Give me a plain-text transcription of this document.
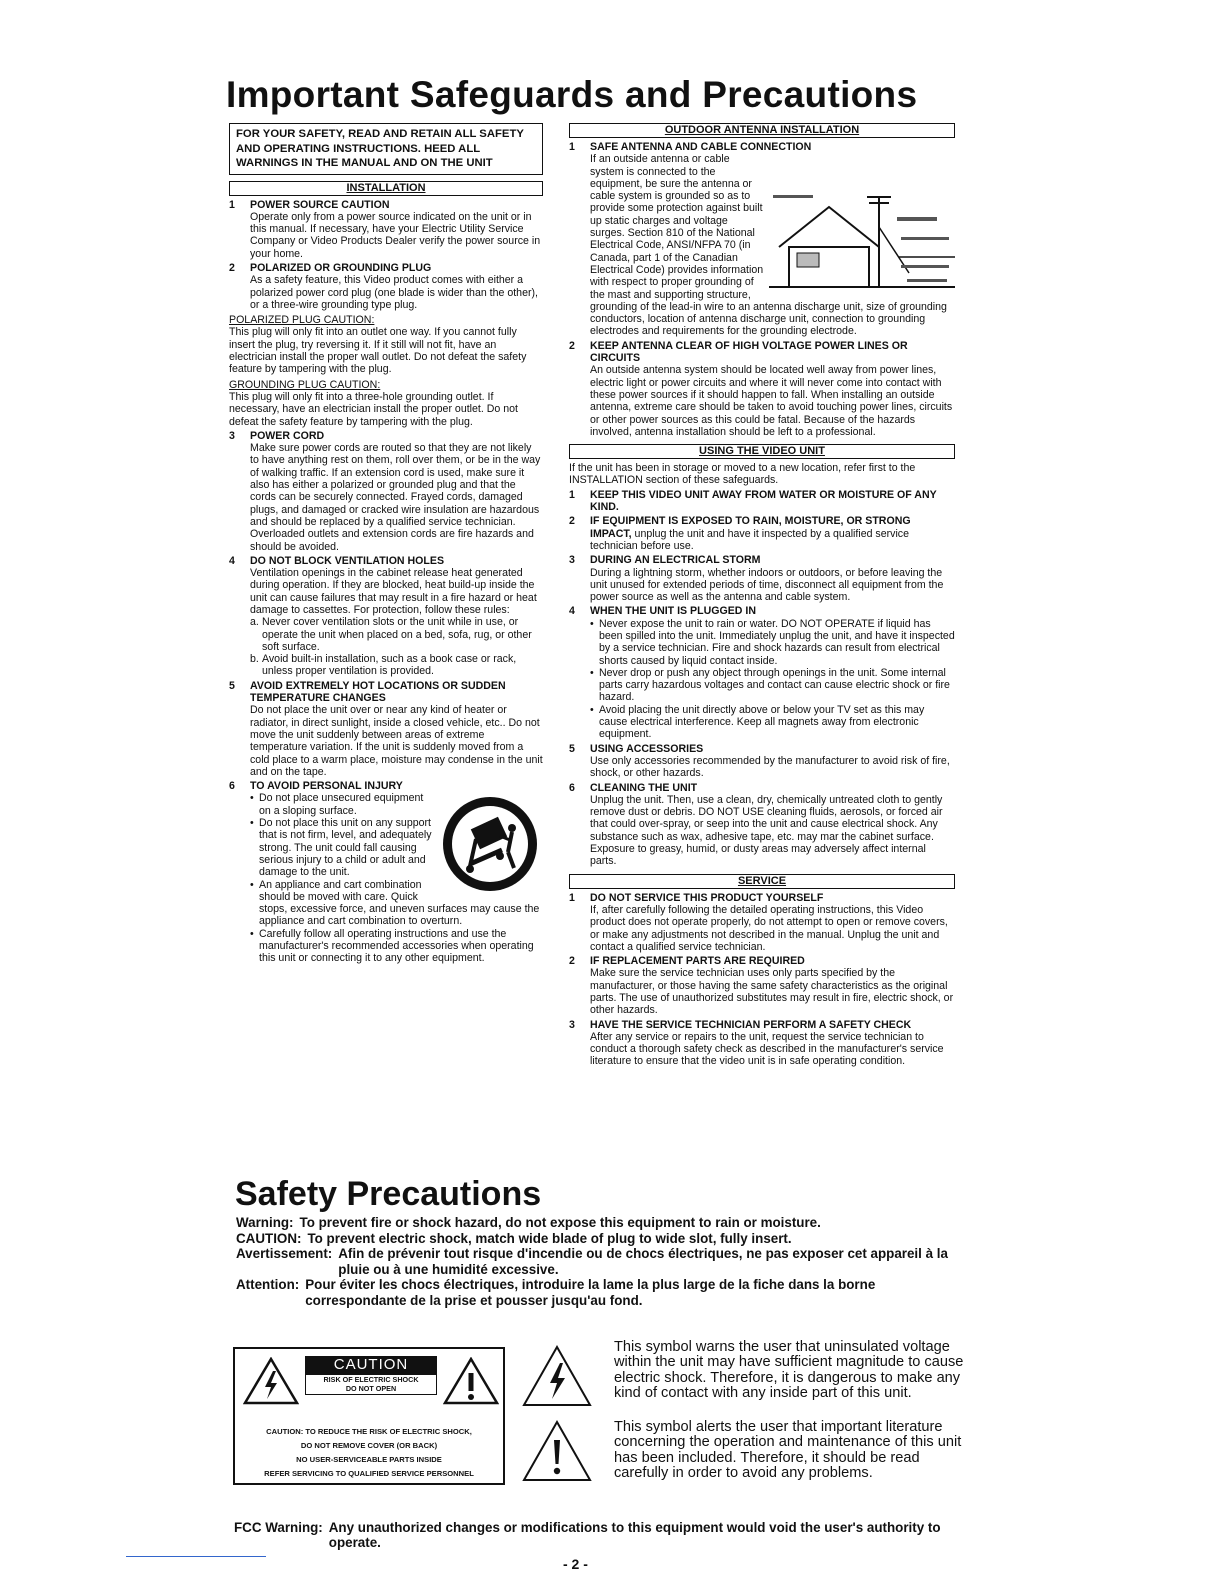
Important Safeguards and Precautions
FOR YOUR SAFETY, READ AND RETAIN ALL SAFETY AND OPERATING INSTRUCTIONS. HEED ALL WARNINGS IN THE MANUAL AND ON THE UNIT
INSTALLATION
1 POWER SOURCE CAUTION
Operate only from a power source indicated on the unit or in this manual. If necessary, have your Electric Utility Service Company or Video Products Dealer verify the power source in your home.
2 POLARIZED OR GROUNDING PLUG
As a safety feature, this Video product comes with either a polarized power cord plug (one blade is wider than the other), or a three-wire grounding type plug.
POLARIZED PLUG CAUTION:
This plug will only fit into an outlet one way. If you cannot fully insert the plug, try reversing it. If it still will not fit, have an electrician install the proper wall outlet. Do not defeat the safety feature by tampering with the plug.
GROUNDING PLUG CAUTION:
This plug will only fit into a three-hole grounding outlet. If necessary, have an electrician install the proper outlet. Do not defeat the safety feature by tampering with the plug.
3 POWER CORD
Make sure power cords are routed so that they are not likely to have anything rest on them, roll over them, or be in the way of walking traffic. If an extension cord is used, make sure it also has either a polarized or grounded plug and that the cords can be securely connected. Frayed cords, damaged plugs, and damaged or cracked wire insulation are hazardous and should be replaced by a qualified service technician. Overloaded outlets and extension cords are fire hazards and should be avoided.
4 DO NOT BLOCK VENTILATION HOLES
Ventilation openings in the cabinet release heat generated during operation. If they are blocked, heat build-up inside the unit can cause failures that may result in a fire hazard or heat damage to cassettes. For protection, follow these rules:
a. Never cover ventilation slots or the unit while in use, or operate the unit when placed on a bed, sofa, rug, or other soft surface.
b. Avoid built-in installation, such as a book case or rack, unless proper ventilation is provided.
5 AVOID EXTREMELY HOT LOCATIONS OR SUDDEN TEMPERATURE CHANGES
Do not place the unit over or near any kind of heater or radiator, in direct sunlight, inside a closed vehicle, etc.. Do not move the unit suddenly between areas of extreme temperature variation. If the unit is suddenly moved from a cold place to a warm place, moisture may condense in the unit and on the tape.
6 TO AVOID PERSONAL INJURY
• Do not place unsecured equipment on a sloping surface.
• Do not place this unit on any support that is not firm, level, and adequately strong. The unit could fall causing serious injury to a child or adult and damage to the unit.
• An appliance and cart combination should be moved with care. Quick stops, excessive force, and uneven surfaces may cause the appliance and cart combination to overturn.
• Carefully follow all operating instructions and use the manufacturer's recommended accessories when operating this unit or connecting it to any other equipment.
OUTDOOR ANTENNA INSTALLATION
1 SAFE ANTENNA AND CABLE CONNECTION
If an outside antenna or cable system is connected to the equipment, be sure the antenna or cable system is grounded so as to provide some protection against built up static charges and voltage surges. Section 810 of the National Electrical Code, ANSI/NFPA 70 (in Canada, part 1 of the Canadian Electrical Code) provides information with respect to proper grounding of the mast and supporting structure, grounding of the lead-in wire to an antenna discharge unit, size of grounding conductors, location of antenna discharge unit, connection to grounding electrodes and requirements for the grounding electrode.
2 KEEP ANTENNA CLEAR OF HIGH VOLTAGE POWER LINES OR CIRCUITS
An outside antenna system should be located well away from power lines, electric light or power circuits and where it will never come into contact with these power sources if it should happen to fall. When installing an outside antenna, extreme care should be taken to avoid touching power lines, circuits or other power sources as this could be fatal. Because of the hazards involved, antenna installation should be left to a professional.
USING THE VIDEO UNIT
If the unit has been in storage or moved to a new location, refer first to the INSTALLATION section of these safeguards.
1 KEEP THIS VIDEO UNIT AWAY FROM WATER OR MOISTURE OF ANY KIND.
2 IF EQUIPMENT IS EXPOSED TO RAIN, MOISTURE, OR STRONG IMPACT, unplug the unit and have it inspected by a qualified service technician before use.
3 DURING AN ELECTRICAL STORM
During a lightning storm, whether indoors or outdoors, or before leaving the unit unused for extended periods of time, disconnect all equipment from the power source as well as the antenna and cable system.
4 WHEN THE UNIT IS PLUGGED IN
• Never expose the unit to rain or water. DO NOT OPERATE if liquid has been spilled into the unit. Immediately unplug the unit, and have it inspected by a service technician. Fire and shock hazards can result from electrical shorts caused by liquid contact inside.
• Never drop or push any object through openings in the unit. Some internal parts carry hazardous voltages and contact can cause electric shock or fire hazard.
• Avoid placing the unit directly above or below your TV set as this may cause electrical interference. Keep all magnets away from electronic equipment.
5 USING ACCESSORIES
Use only accessories recommended by the manufacturer to avoid risk of fire, shock, or other hazards.
6 CLEANING THE UNIT
Unplug the unit. Then, use a clean, dry, chemically untreated cloth to gently remove dust or debris. DO NOT USE cleaning fluids, aerosols, or forced air that could over-spray, or seep into the unit and cause electrical shock. Any substance such as wax, adhesive tape, etc. may mar the cabinet surface. Exposure to greasy, humid, or dusty areas may adversely affect internal parts.
SERVICE
1 DO NOT SERVICE THIS PRODUCT YOURSELF
If, after carefully following the detailed operating instructions, this Video product does not operate properly, do not attempt to open or remove covers, or make any adjustments not described in the manual. Unplug the unit and contact a qualified service technician.
2 IF REPLACEMENT PARTS ARE REQUIRED
Make sure the service technician uses only parts specified by the manufacturer, or those having the same safety characteristics as the original parts. The use of unauthorized substitutes may result in fire, electric shock, or other hazards.
3 HAVE THE SERVICE TECHNICIAN PERFORM A SAFETY CHECK
After any service or repairs to the unit, request the service technician to conduct a thorough safety check as described in the manufacturer's service literature to ensure that the video unit is in safe operating condition.
Safety Precautions
Warning: To prevent fire or shock hazard, do not expose this equipment to rain or moisture.
CAUTION: To prevent electric shock, match wide blade of plug to wide slot, fully insert.
Avertissement: Afin de prévenir tout risque d'incendie ou de chocs électriques, ne pas exposer cet appareil à la pluie ou à une humidité excessive.
Attention: Pour éviter les chocs électriques, introduire la lame la plus large de la fiche dans la borne correspondante de la prise et pousser jusqu'au fond.
CAUTION
RISK OF ELECTRIC SHOCK
DO NOT OPEN
CAUTION: TO REDUCE THE RISK OF ELECTRIC SHOCK,
DO NOT REMOVE COVER (OR BACK)
NO USER-SERVICEABLE PARTS INSIDE
REFER SERVICING TO QUALIFIED SERVICE PERSONNEL
This symbol warns the user that uninsulated voltage within the unit may have sufficient magnitude to cause electric shock. Therefore, it is dangerous to make any kind of contact with any inside part of this unit.
This symbol alerts the user that important literature concerning the operation and maintenance of this unit has been included. Therefore, it should be read carefully in order to avoid any problems.
FCC Warning: Any unauthorized changes or modifications to this equipment would void the user's authority to operate.
- 2 -
